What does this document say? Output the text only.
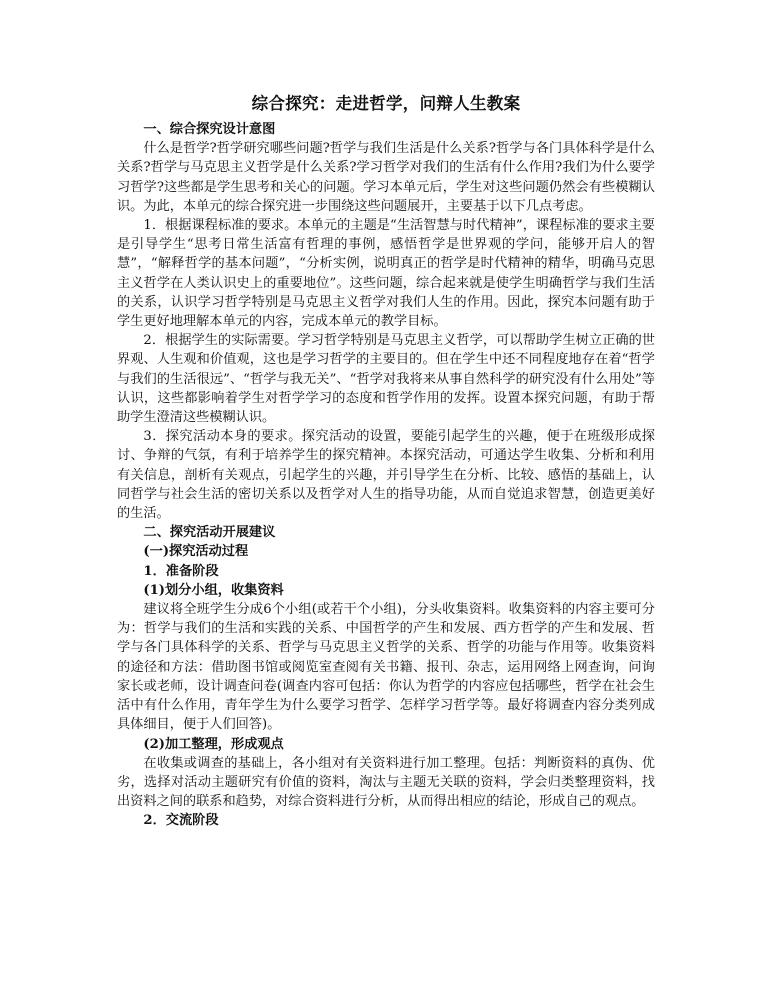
综合探究：走进哲学，问辩人生教案

一、综合探究设计意图

什么是哲学?哲学研究哪些问题?哲学与我们生活是什么关系?哲学与各门具体科学是什么关系?哲学与马克思主义哲学是什么关系?学习哲学对我们的生活有什么作用?我们为什么要学习哲学?这些都是学生思考和关心的问题。学习本单元后，学生对这些问题仍然会有些模糊认识。为此，本单元的综合探究进一步围绕这些问题展开，主要基于以下几点考虑。

1．根据课程标准的要求。本单元的主题是“生活智慧与时代精神”，课程标准的要求主要是引导学生“思考日常生活富有哲理的事例，感悟哲学是世界观的学问，能够开启人的智慧”，“解释哲学的基本问题”，“分析实例，说明真正的哲学是时代精神的精华，明确马克思主义哲学在人类认识史上的重要地位”。这些问题，综合起来就是使学生明确哲学与我们生活的关系，认识学习哲学特别是马克思主义哲学对我们人生的作用。因此，探究本问题有助于学生更好地理解本单元的内容，完成本单元的教学目标。

2．根据学生的实际需要。学习哲学特别是马克思主义哲学，可以帮助学生树立正确的世界观、人生观和价值观，这也是学习哲学的主要目的。但在学生中还不同程度地存在着“哲学与我们的生活很远”、“哲学与我无关”、“哲学对我将来从事自然科学的研究没有什么用处”等认识，这些都影响着学生对哲学学习的态度和哲学作用的发挥。设置本探究问题，有助于帮助学生澄清这些模糊认识。

3．探究活动本身的要求。探究活动的设置，要能引起学生的兴趣，便于在班级形成探讨、争辩的气氛，有利于培养学生的探究精神。本探究活动，可通达学生收集、分析和利用有关信息，剖析有关观点，引起学生的兴趣，并引导学生在分析、比较、感悟的基础上，认同哲学与社会生活的密切关系以及哲学对人生的指导功能，从而自觉追求智慧，创造更美好的生活。

二、探究活动开展建议

(一)探究活动过程

1．准备阶段

(1)划分小组，收集资料

建议将全班学生分成6个小组(或若干个小组)，分头收集资料。收集资料的内容主要可分为：哲学与我们的生活和实践的关系、中国哲学的产生和发展、西方哲学的产生和发展、哲学与各门具体科学的关系、哲学与马克思主义哲学的关系、哲学的功能与作用等。收集资料的途径和方法：借助图书馆或阅览室查阅有关书籍、报刊、杂志，运用网络上网查询，问询家长或老师，设计调查问卷(调查内容可包括：你认为哲学的内容应包括哪些，哲学在社会生活中有什么作用，青年学生为什么要学习哲学、怎样学习哲学等。最好将调查内容分类列成具体细目，便于人们回答)。

(2)加工整理，形成观点

在收集或调查的基础上，各小组对有关资料进行加工整理。包括：判断资料的真伪、优劣，选择对活动主题研究有价值的资料，淘汰与主题无关联的资料，学会归类整理资料，找出资料之间的联系和趋势，对综合资料进行分析，从而得出相应的结论，形成自己的观点。

2．交流阶段
